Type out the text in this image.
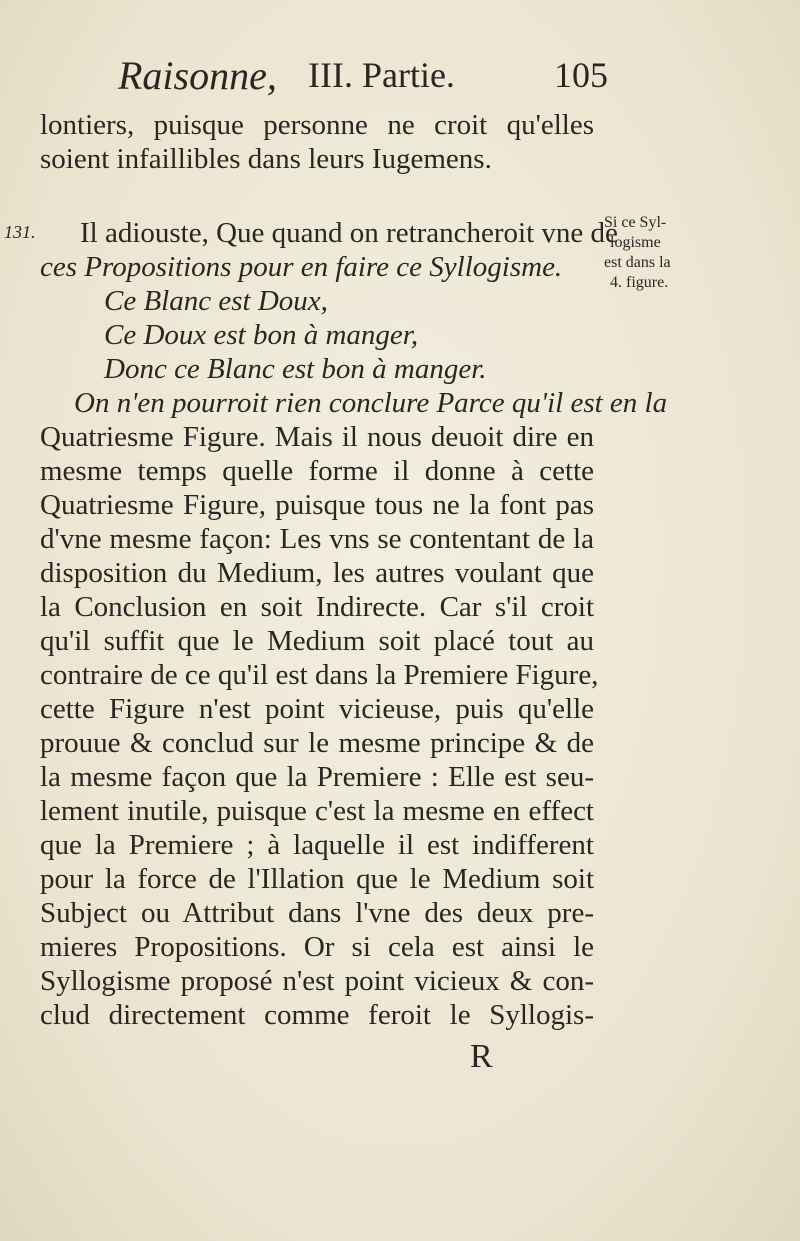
Raisonne, III. Partie.	105
131.	Si ce Syl-
logisme
est dans la
4. figure.
lontiers, puisque personne ne croit qu'elles
soient infaillibles dans leurs Iugemens.
Il adiouste, Que quand on retrancheroit vne de
ces Propositions pour en faire ce Syllogisme.
Ce Blanc est Doux,
Ce Doux est bon à manger,
Donc ce Blanc est bon à manger.
On n'en pourroit rien conclure Parce qu'il est en la
Quatriesme Figure. Mais il nous deuoit dire en
mesme temps quelle forme il donne à cette
Quatriesme Figure, puisque tous ne la font pas
d'vne mesme façon: Les vns se contentant de la
disposition du Medium, les autres voulant que
la Conclusion en soit Indirecte. Car s'il croit
qu'il suffit que le Medium soit placé tout au
contraire de ce qu'il est dans la Premiere Figure,
cette Figure n'est point vicieuse, puis qu'elle
prouue & conclud sur le mesme principe & de
la mesme façon que la Premiere : Elle est seu-
lement inutile, puisque c'est la mesme en effect
que la Premiere ; à laquelle il est indifferent
pour la force de l'Illation que le Medium soit
Subject ou Attribut dans l'vne des deux pre-
mieres Propositions. Or si cela est ainsi le
Syllogisme proposé n'est point vicieux & con-
clud directement comme feroit le Syllogis-
R
